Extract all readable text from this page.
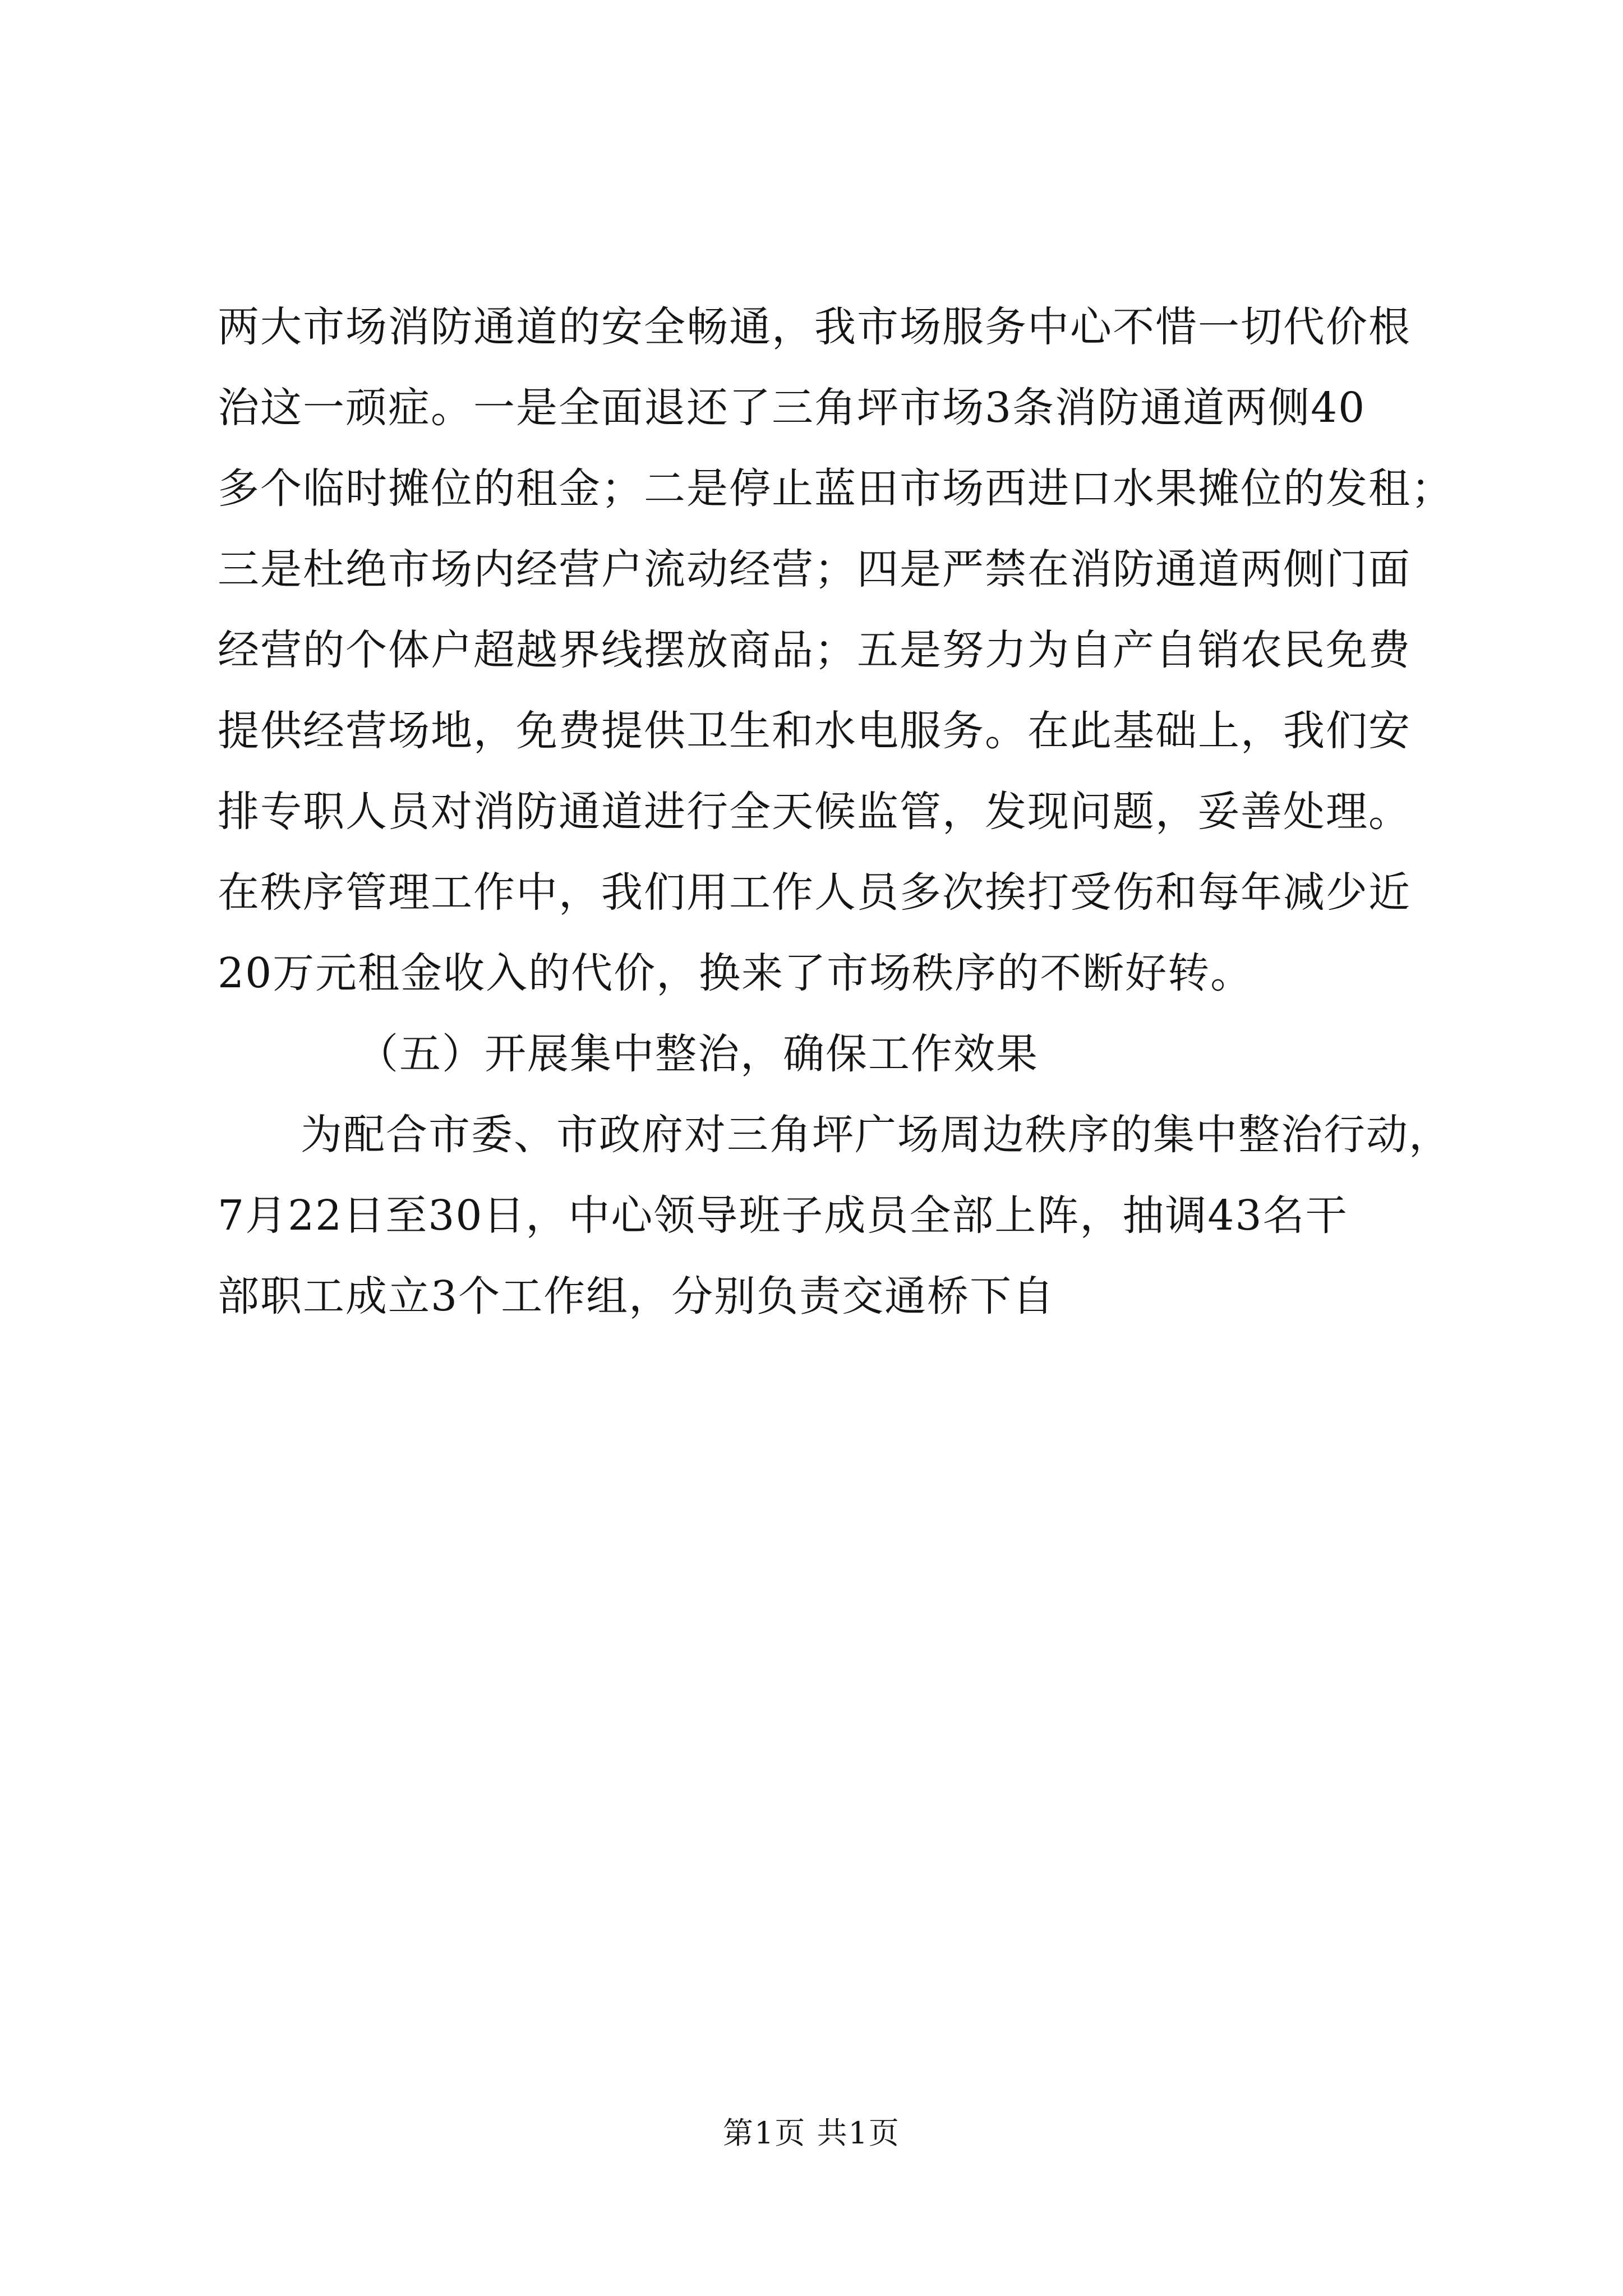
两大市场消防通道的安全畅通，我市场服务中心不惜一切代价根
治这一顽症。一是全面退还了三角坪市场3条消防通道两侧40
多个临时摊位的租金；二是停止蓝田市场西进口水果摊位的发租；
三是杜绝市场内经营户流动经营；四是严禁在消防通道两侧门面
经营的个体户超越界线摆放商品；五是努力为自产自销农民免费
提供经营场地，免费提供卫生和水电服务。在此基础上，我们安
排专职人员对消防通道进行全天候监管，发现问题，妥善处理。
在秩序管理工作中，我们用工作人员多次挨打受伤和每年减少近
20万元租金收入的代价，换来了市场秩序的不断好转。
（五）开展集中整治，确保工作效果
为配合市委、市政府对三角坪广场周边秩序的集中整治行动，
7月22日至30日，中心领导班子成员全部上阵，抽调43名干
部职工成立3个工作组，分别负责交通桥下自
第1页 共1页
